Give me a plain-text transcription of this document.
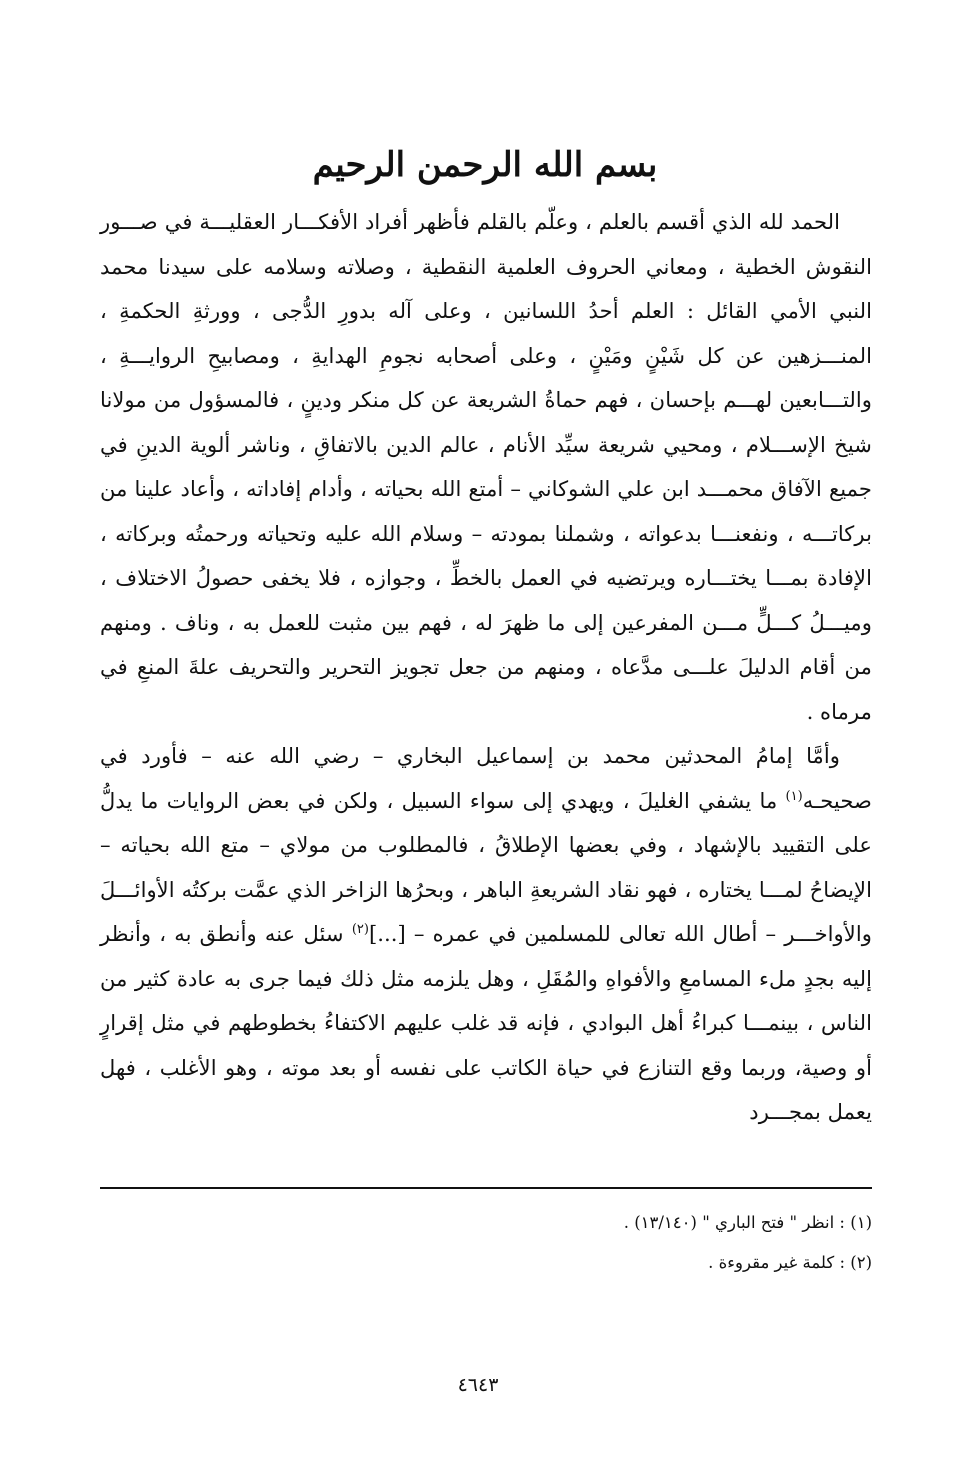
بسم الله الرحمن الرحيم

الحمد لله الذي أقسم بالعلم ، وعلّم بالقلم فأظهر أفراد الأفكـــار العقليـــة في صـــور النقوش الخطية ، ومعاني الحروف العلمية النقطية ، وصلاته وسلامه على سيدنا محمد النبي الأمي القائل : العلم أحدُ اللسانين ، وعلى آله بدورِ الدُّجى ، وورثةِ الحكمةِ ، المنـــزهين عن كل شَيْنٍ ومَيْنٍ ، وعلى أصحابه نجومِ الهدايةِ ، ومصابيحِ الروايـــةِ ، والتـــابعين لهـــم بإحسان ، فهم حماةُ الشريعة عن كل منكر ودينٍ ، فالمسؤول من مولانا شيخ الإســـلام ، ومحيي شريعة سيِّد الأنام ، عالم الدين بالاتفاقِ ، وناشر ألوية الدينِ في جميع الآفاق محمـــد ابن علي الشوكاني – أمتع الله بحياته ، وأدام إفاداته ، وأعاد علينا من بركاتـــه ، ونفعنـــا بدعواته ، وشملنا بمودته – وسلام الله عليه وتحياته ورحمتُه وبركاته ، الإفادة بمـــا يختـــاره ويرتضيه في العمل بالخطِّ ، وجوازه ، فلا يخفى حصولُ الاختلاف ، وميـــلُ كـــلٍّ مـــن المفرعين إلى ما ظهرَ له ، فهم بين مثبت للعمل به ، وناف . ومنهم من أقام الدليلَ علـــى مدَّعاه ، ومنهم من جعل تجويز التحرير والتحريف علةَ المنعِ في مرماه .

وأمَّا إمامُ المحدثين محمد بن إسماعيل البخاري – رضي الله عنه – فأورد في صحيحـه$^{(١)}$ ما يشفي الغليلَ ، ويهدي إلى سواء السبيل ، ولكن في بعض الروايات ما يدلُّ على التقييد بالإشهاد ، وفي بعضها الإطلاقُ ، فالمطلوب من مولاي – متع الله بحياته – الإيضاحُ لمـــا يختاره ، فهو نقاد الشريعةِ الباهر ، وبحرُها الزاخر الذي عمَّت بركتُه الأوائـــلَ والأواخـــر – أطال الله تعالى للمسلمين في عمره – [...]$^{(٢)}$ سئل عنه وأنطق به ، وأنظر إليه بجدٍ ملء المسامعِ والأفواهِ والمُقَلِ ، وهل يلزمه مثل ذلك فيما جرى به عادة كثير من الناس ، بينمـــا كبراءُ أهل البوادي ، فإنه قد غلب عليهم الاكتفاءُ بخطوطهم في مثل إقرارٍ أو وصية، وربما وقع التنازع في حياة الكاتب على نفسه أو بعد موته ، وهو الأغلب ، فهل يعمل بمجـــرد

(١) : انظر " فتح الباري " (١٣/١٤٠) .

(٢) : كلمة غير مقروءة .

٤٦٤٣
